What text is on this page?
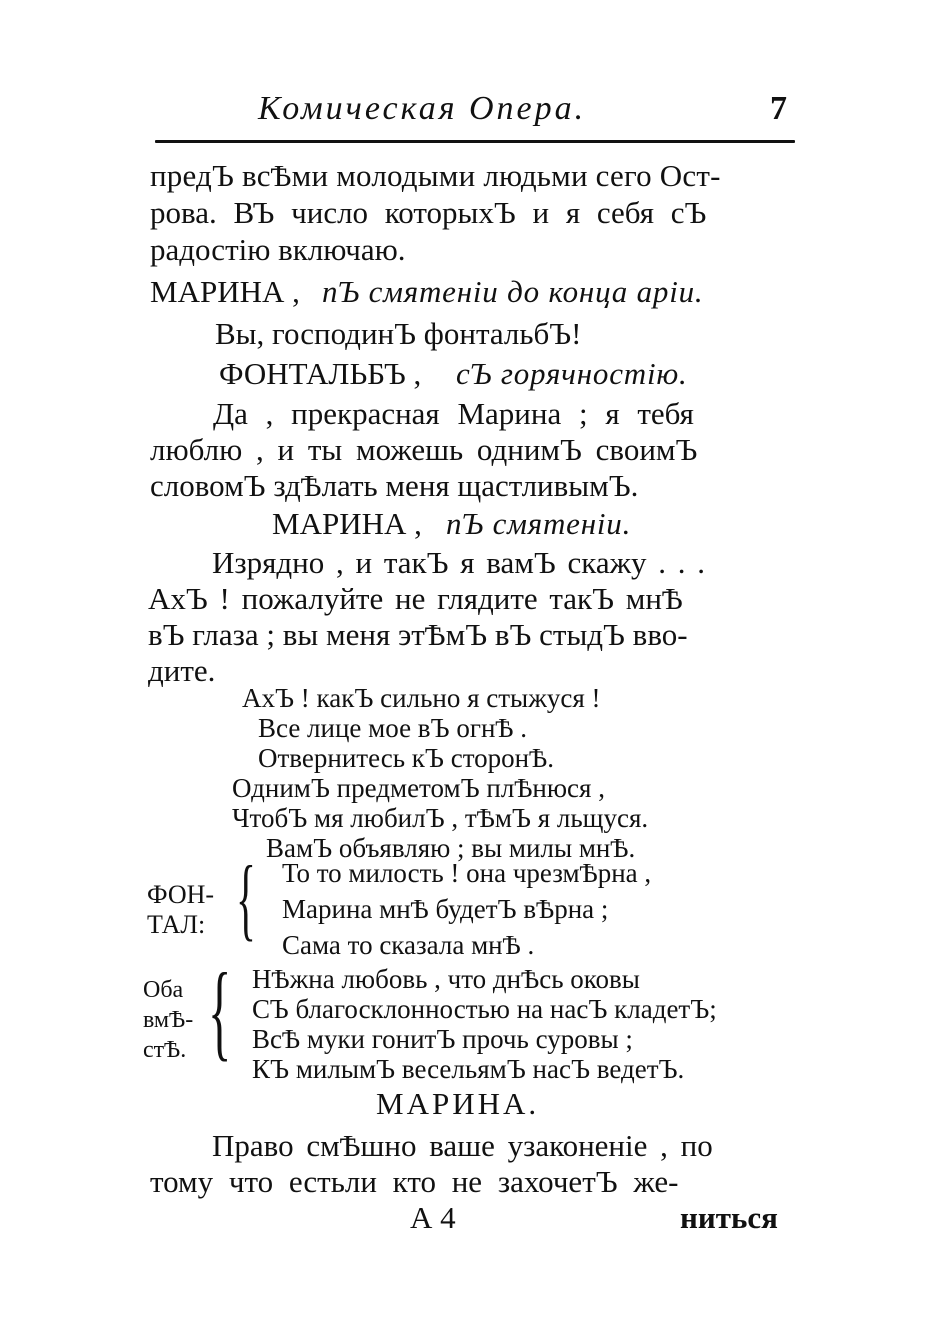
Комическая Опера.	7
предЪ всѢми молодыми людьми сего Ост-
рова. ВЪ число которыхЪ и я себя сЪ
радостiю включаю.
МАРИНА , пЪ смятенiи до конца арiи.
Вы, господинЪ фонтальбЪ!
ФОНТАЛЬБЪ , сЪ горячностiю.
Да , прекрасная Марина ; я тебя
люблю , и ты можешь однимЪ своимЪ
словомЪ здѢлать меня щастливымЪ.
МАРИНА , пЪ смятенiи.
Изрядно , и такЪ я вамЪ скажу . . .
АхЪ ! пожалуйте не глядите такЪ мнѢ
вЪ глаза ; вы меня этѢмЪ вЪ стыдЪ вво-
дите.
АхЪ ! какЪ сильно я стыжуся !
Все лице мое вЪ огнѢ .
Отвернитесь кЪ сторонѢ.
ОднимЪ предметомЪ плѢнюся ,
ЧтобЪ мя любилЪ , тѢмЪ я льщуся.
ВамЪ объявляю ; вы милы мнѢ.
ФОН-
ТАЛ: { То то милость ! она чрезмѢрна ,
Марина мнѢ будетЪ вѢрна ;
Сама то сказала мнѢ .
Оба
вмѢ-
стѢ. { НѢжна любовь , что днѢсь оковы
СЪ благосклонностью на насЪ кладетЪ;
ВсѢ муки гонитЪ прочь суровы ;
КЪ милымЪ весельямЪ насЪ ведетЪ.
МАРИНА.
Право смѢшно ваше узаконенiе , по
тому что естьли кто не захочетЪ же-
А 4	ниться
